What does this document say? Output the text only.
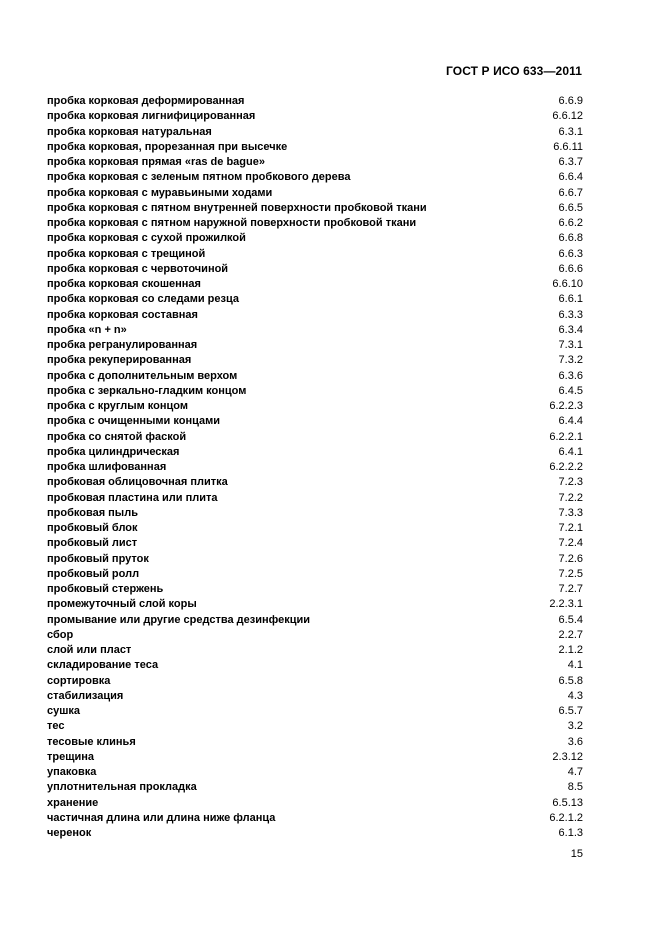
ГОСТ Р ИСО 633—2011
пробка корковая деформированная	6.6.9
пробка корковая лигнифицированная	6.6.12
пробка корковая натуральная	6.3.1
пробка корковая, прорезанная при высечке	6.6.11
пробка корковая прямая «ras de bague»	6.3.7
пробка корковая с зеленым пятном пробкового дерева	6.6.4
пробка корковая с муравьиными ходами	6.6.7
пробка корковая с пятном внутренней поверхности пробковой ткани	6.6.5
пробка корковая с пятном наружной поверхности пробковой ткани	6.6.2
пробка корковая с сухой прожилкой	6.6.8
пробка корковая с трещиной	6.6.3
пробка корковая с червоточиной	6.6.6
пробка корковая скошенная	6.6.10
пробка корковая со следами резца	6.6.1
пробка корковая составная	6.3.3
пробка «n + n»	6.3.4
пробка регранулированная	7.3.1
пробка рекуперированная	7.3.2
пробка с дополнительным верхом	6.3.6
пробка с зеркально-гладким концом	6.4.5
пробка с круглым концом	6.2.2.3
пробка с очищенными концами	6.4.4
пробка со снятой фаской	6.2.2.1
пробка цилиндрическая	6.4.1
пробка шлифованная	6.2.2.2
пробковая облицовочная плитка	7.2.3
пробковая пластина или плита	7.2.2
пробковая пыль	7.3.3
пробковый блок	7.2.1
пробковый лист	7.2.4
пробковый пруток	7.2.6
пробковый ролл	7.2.5
пробковый стержень	7.2.7
промежуточный слой коры	2.2.3.1
промывание или другие средства дезинфекции	6.5.4
сбор	2.2.7
слой или пласт	2.1.2
складирование теса	4.1
сортировка	6.5.8
стабилизация	4.3
сушка	6.5.7
тес	3.2
тесовые клинья	3.6
трещина	2.3.12
упаковка	4.7
уплотнительная прокладка	8.5
хранение	6.5.13
частичная длина или длина ниже фланца	6.2.1.2
черенок	6.1.3
15
